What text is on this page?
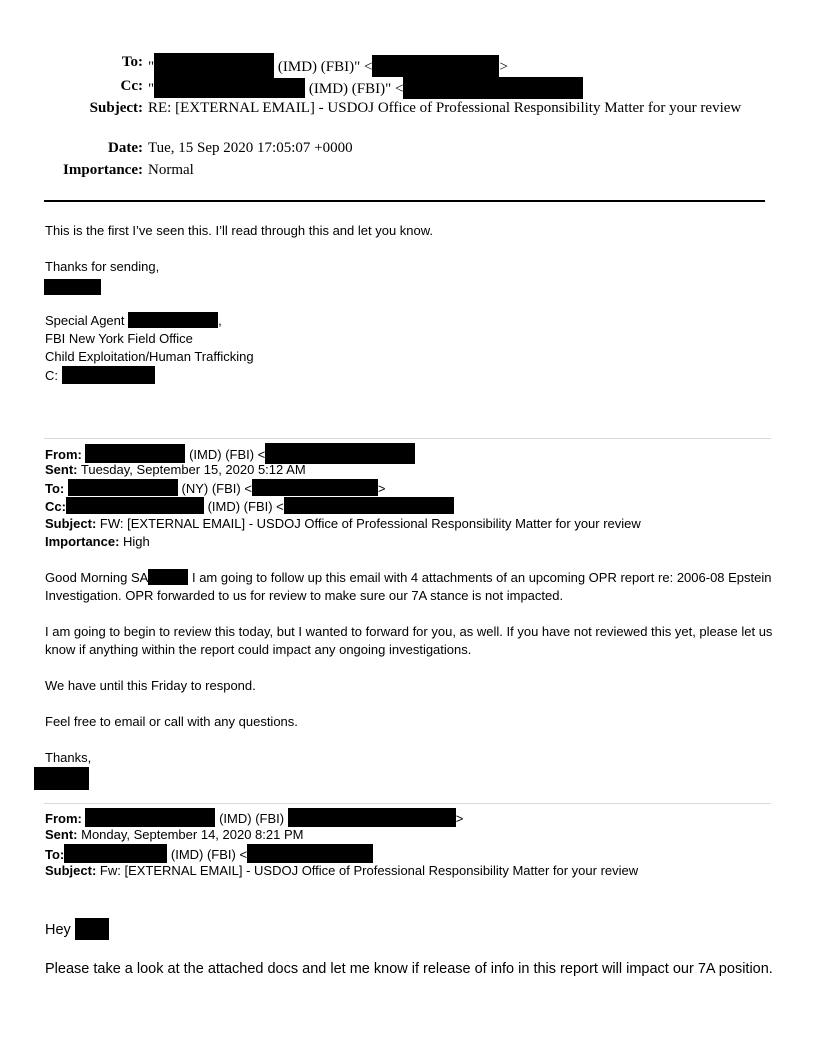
To: "	(IMD) (FBI)" <	>
Cc: "	(IMD) (FBI)" <
Subject: RE: [EXTERNAL EMAIL] - USDOJ Office of Professional Responsibility Matter for your review
Date: Tue, 15 Sep 2020 17:05:07 +0000
Importance: Normal
This is the first I’ve seen this. I’ll read through this and let you know.
Thanks for sending,
Special Agent	,
FBI New York Field Office
Child Exploitation/Human Trafficking
C:
From:	(IMD) (FBI) <
Sent: Tuesday, September 15, 2020 5:12 AM
To:	(NY) (FBI) <	>
Cc:	(IMD) (FBI) <
Subject: FW: [EXTERNAL EMAIL] - USDOJ Office of Professional Responsibility Matter for your review
Importance: High
Good Morning SA	I am going to follow up this email with 4 attachments of an upcoming OPR report re: 2006-08 Epstein Investigation. OPR forwarded to us for review to make sure our 7A stance is not impacted.
I am going to begin to review this today, but I wanted to forward for you, as well. If you have not reviewed this yet, please let us know if anything within the report could impact any ongoing investigations.
We have until this Friday to respond.
Feel free to email or call with any questions.
Thanks,
From:	(IMD) (FBI)	>
Sent: Monday, September 14, 2020 8:21 PM
To:	(IMD) (FBI) <
Subject: Fw: [EXTERNAL EMAIL] - USDOJ Office of Professional Responsibility Matter for your review
Hey
Please take a look at the attached docs and let me know if release of info in this report will impact our 7A position.
